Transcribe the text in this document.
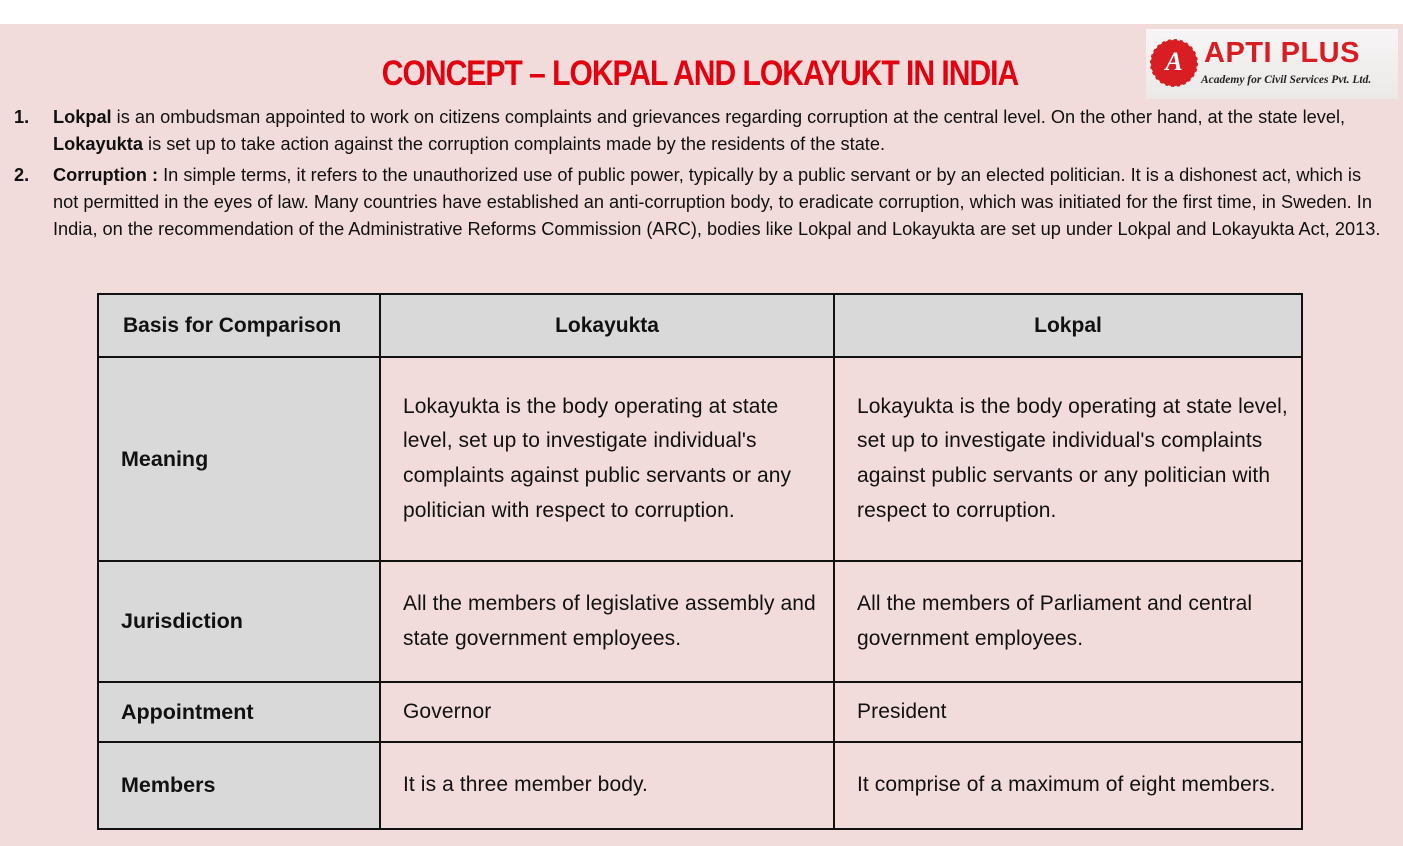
CONCEPT – LOKPAL AND LOKAYUKT IN INDIA	A APTI PLUS
Academy for Civil Services Pvt. Ltd.
1. Lokpal is an ombudsman appointed to work on citizens complaints and grievances regarding corruption at the central level. On the other hand, at the state level, Lokayukta is set up to take action against the corruption complaints made by the residents of the state.
2. Corruption : In simple terms, it refers to the unauthorized use of public power, typically by a public servant or by an elected politician. It is a dishonest act, which is not permitted in the eyes of law. Many countries have established an anti-corruption body, to eradicate corruption, which was initiated for the first time, in Sweden. In India, on the recommendation of the Administrative Reforms Commission (ARC), bodies like Lokpal and Lokayukta are set up under Lokpal and Lokayukta Act, 2013.
Basis for Comparison	Lokayukta	Lokpal
Meaning	Lokayukta is the body operating at state level, set up to investigate individual's complaints against public servants or any politician with respect to corruption.	Lokayukta is the body operating at state level, set up to investigate individual's complaints against public servants or any politician with respect to corruption.
Jurisdiction	All the members of legislative assembly and state government employees.	All the members of Parliament and central government employees.
Appointment	Governor	President
Members	It is a three member body.	It comprise of a maximum of eight members.
